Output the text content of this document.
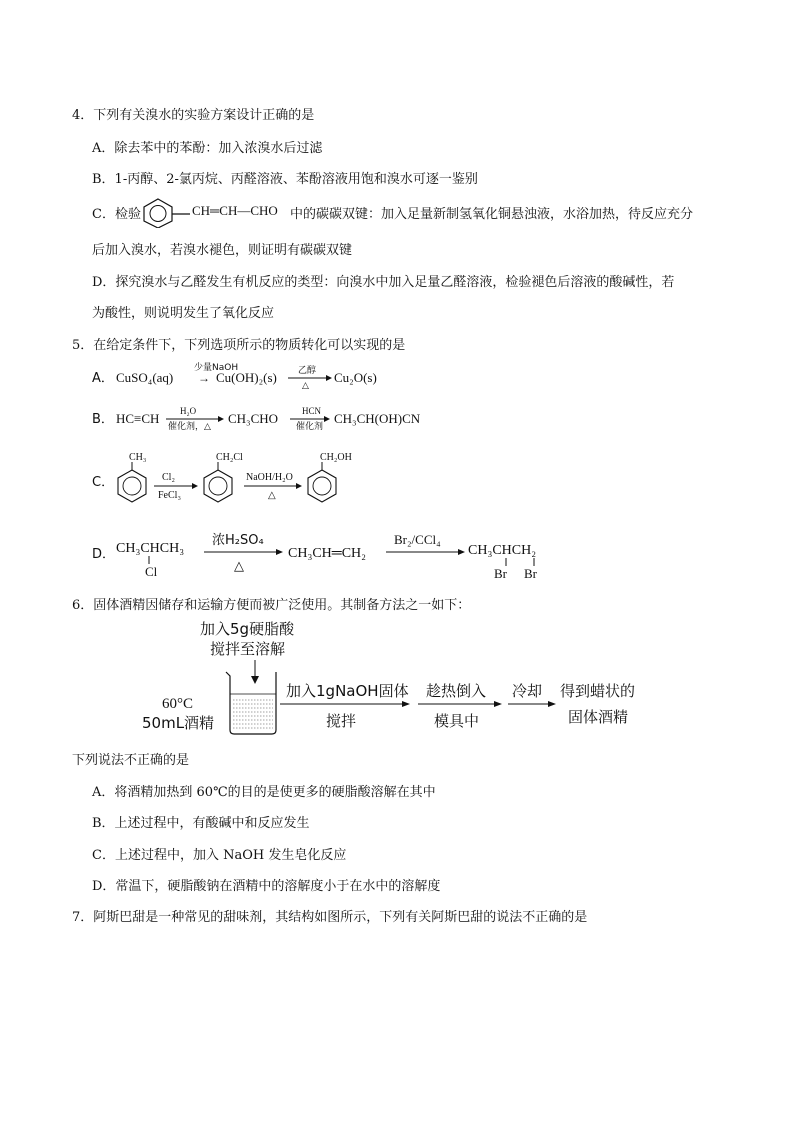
4．下列有关溴水的实验方案设计正确的是
A．除去苯中的苯酚：加入浓溴水后过滤
B．1-丙醇、2-氯丙烷、丙醛溶液、苯酚溶液用饱和溴水可逐一鉴别
C．检验	CH═CH—CHO 中的碳碳双键：加入足量新制氢氧化铜悬浊液，水浴加热，待反应充分
后加入溴水，若溴水褪色，则证明有碳碳双键
D．探究溴水与乙醛发生有机反应的类型：向溴水中加入足量乙醛溶液，检验褪色后溶液的酸碱性，若
为酸性，则说明发生了氧化反应
5．在给定条件下，下列选项所示的物质转化可以实现的是
A． CuSO₄(aq)
少量NaOH
→ Cu(OH)₂(s) 乙醇
△ Cu₂O(s)
B． HC≡CH H₂O
催化剂，△
CH₃CHO	HCN
催化剂
CH₃CH(OH)CN
C．
CH₃
Cl₂
FeCl₃
CH₂Cl
NaOH/H₂O
△
CH₂OH
D． CH₃CHCH₃
Cl
浓H₂SO₄
△
CH₃CH═CH₂
Br₂/CCl₄
CH₃CHCH₂
Br Br
6．固体酒精因储存和运输方便而被广泛使用。其制备方法之一如下：
加入5g硬脂酸
搅拌至溶解
60°C
50mL酒精
加入1gNaOH固体
搅拌
趁热倒入
模具中
冷却 得到蜡状的
固体酒精
下列说法不正确的是
A．将酒精加热到 60℃的目的是使更多的硬脂酸溶解在其中
B．上述过程中，有酸碱中和反应发生
C．上述过程中，加入 NaOH 发生皂化反应
D．常温下，硬脂酸钠在酒精中的溶解度小于在水中的溶解度
7．阿斯巴甜是一种常见的甜味剂，其结构如图所示，下列有关阿斯巴甜的说法不正确的是
